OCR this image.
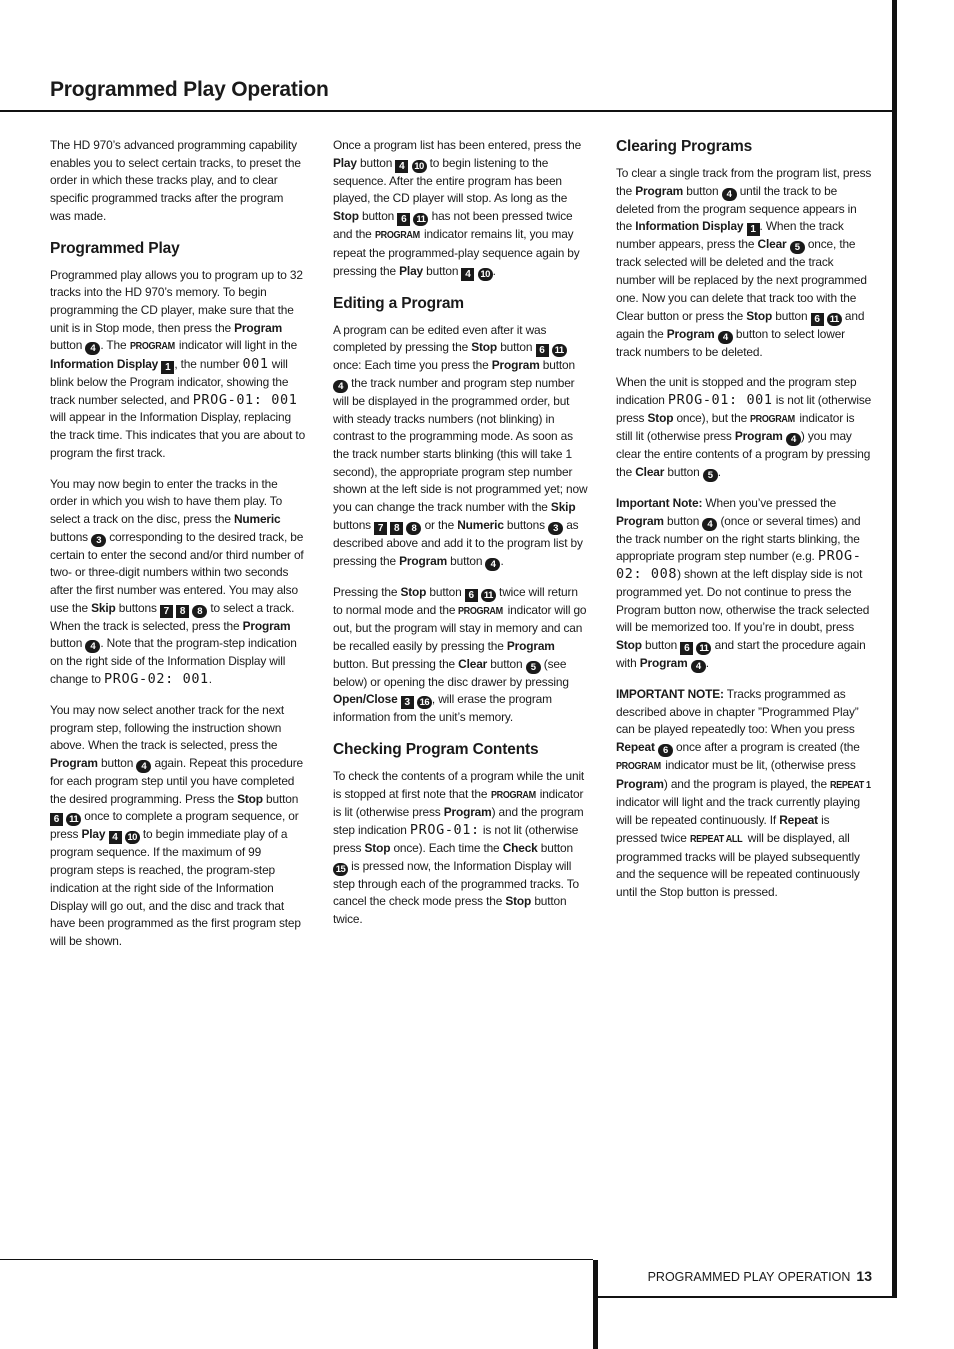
Programmed Play Operation

The HD 970’s advanced programming capability enables you to select certain tracks, to preset the order in which these tracks play, and to clear specific programmed tracks after the program was made.

Programmed Play

Programmed play allows you to program up to 32 tracks into the HD 970’s memory. To begin programming the CD player, make sure that the unit is in Stop mode, then press the Program button 4 . The PROGRAM indicator will light in the Information Display 1 , the number 001 will blink below the Program indicator, showing the track number selected, and PROG-01: 001 will appear in the Information Display, replacing the track time. This indicates that you are about to program the first track.

You may now begin to enter the tracks in the order in which you wish to have them play. To select a track on the disc, press the Numeric buttons 3 corresponding to the desired track, be certain to enter the second and/or third number of two- or three-digit numbers within two seconds after the first number was entered. You may also use the Skip buttons 7 8 8 to select a track. When the track is selected, press the Program button 4 . Note that the program-step indication on the right side of the Information Display will change to PROG-02: 001.

You may now select another track for the next program step, following the instruction shown above. When the track is selected, press the Program button 4 again. Repeat this procedure for each program step until you have completed the desired programming. Press the Stop button 6 11 once to complete a program sequence, or press Play 4 10 to begin immediate play of a program sequence. If the maximum of 99 program steps is reached, the program-step indication at the right side of the Information Display will go out, and the disc and track that have been programmed as the first program step will be shown.

Once a program list has been entered, press the Play button 4 10 to begin listening to the sequence. After the entire program has been played, the CD player will stop. As long as the Stop button 6 11 has not been pressed twice and the PROGRAM indicator remains lit, you may repeat the programmed-play sequence again by pressing the Play button 4 10 .

Editing a Program

A program can be edited even after it was completed by pressing the Stop button 6 11 once: Each time you press the Program button 4 the track number and program step number will be displayed in the programmed order, but with steady tracks numbers (not blinking) in contrast to the programming mode. As soon as the track number starts blinking (this will take 1 second), the appropriate program step number shown at the left side is not programmed yet; now you can change the track number with the Skip buttons 7 8 8 or the Numeric buttons 3 as described above and add it to the program list by pressing the Program button 4 .

Pressing the Stop button 6 11 twice will return to normal mode and the PROGRAM indicator will go out, but the program will stay in memory and can be recalled easily by pressing the Program button. But pressing the Clear button 5 (see below) or opening the disc drawer by pressing Open/Close 3 16 , will erase the program information from the unit’s memory.

Checking Program Contents

To check the contents of a program while the unit is stopped at first note that the PROGRAM indicator is lit (otherwise press Program) and the program step indication PROG-01: is not lit (otherwise press Stop once). Each time the Check button 15 is pressed now, the Information Display will step through each of the programmed tracks. To cancel the check mode press the Stop button twice.

Clearing Programs

To clear a single track from the program list, press the Program button 4 until the track to be deleted from the program sequence appears in the Information Display 1 . When the track number appears, press the Clear 5 once, the track selected will be deleted and the track number will be replaced by the next programmed one. Now you can delete that track too with the Clear button or press the Stop button 6 11 and again the Program 4 button to select lower track numbers to be deleted.

When the unit is stopped and the program step indication PROG-01: 001 is not lit (otherwise press Stop once), but the PROGRAM indicator is still lit (otherwise press Program 4 ) you may clear the entire contents of a program by pressing the Clear button 5 .

Important Note: When you’ve pressed the Program button 4 (once or several times) and the track number on the right starts blinking, the appropriate program step number (e.g. PROG-02: 008) shown at the left display side is not programmed yet. Do not continue to press the Program button now, otherwise the track selected will be memorized too. If you’re in doubt, press Stop button 6 11 and start the procedure again with Program 4 .

IMPORTANT NOTE: Tracks programmed as described above in chapter ”Programmed Play” can be played repeatedly too: When you press Repeat 6 once after a program is created (the PROGRAM indicator must be lit, (otherwise press Program) and the program is played, the REPEAT 1 indicator will light and the track currently playing will be repeated continuously. If Repeat is pressed twice REPEAT ALL will be displayed, all programmed tracks will be played subsequently and the sequence will be repeated continuously until the Stop button is pressed.

PROGRAMMED PLAY OPERATION 13
